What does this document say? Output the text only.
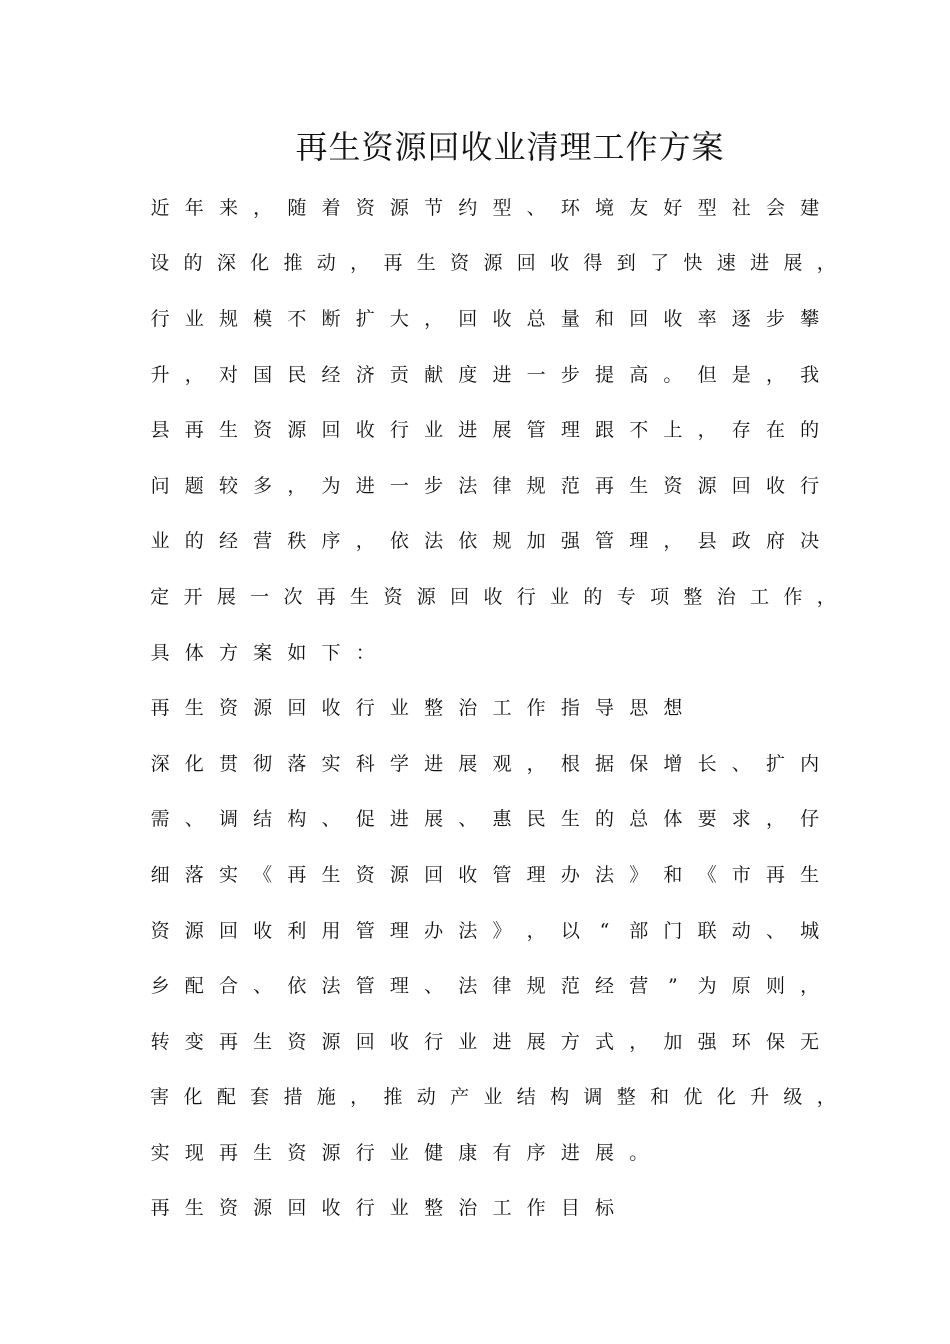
再生资源回收业清理工作方案
近 年 来 ， 随 着 资 源 节 约 型 、 环 境 友 好 型 社 会 建
设 的 深 化 推 动 ， 再 生 资 源 回 收 得 到 了 快 速 进 展 ，
行 业 规 模 不 断 扩 大 ， 回 收 总 量 和 回 收 率 逐 步 攀
升 ， 对 国 民 经 济 贡 献 度 进 一 步 提 高 。 但 是 ， 我
县 再 生 资 源 回 收 行 业 进 展 管 理 跟 不 上 ， 存 在 的
问 题 较 多 ， 为 进 一 步 法 律 规 范 再 生 资 源 回 收 行
业 的 经 营 秩 序 ， 依 法 依 规 加 强 管 理 ， 县 政 府 决
定 开 展 一 次 再 生 资 源 回 收 行 业 的 专 项 整 治 工 作 ，
具 体 方 案 如 下 ：
再 生 资 源 回 收 行 业 整 治 工 作 指 导 思 想
深 化 贯 彻 落 实 科 学 进 展 观 ， 根 据 保 增 长 、 扩 内
需 、 调 结 构 、 促 进 展 、 惠 民 生 的 总 体 要 求 ， 仔
细 落 实 《 再 生 资 源 回 收 管 理 办 法 》 和 《 市 再 生
资 源 回 收 利 用 管 理 办 法 》 ， 以	“	部 门 联 动 、 城
乡 配 合 、 依 法 管 理 、 法 律 规 范 经 营	”	为 原 则 ，
转 变 再 生 资 源 回 收 行 业 进 展 方 式 ， 加 强 环 保 无
害 化 配 套 措 施 ， 推 动 产 业 结 构 调 整 和 优 化 升 级 ，
实 现 再 生 资 源 行 业 健 康 有 序 进 展 。
再 生 资 源 回 收 行 业 整 治 工 作 目 标
